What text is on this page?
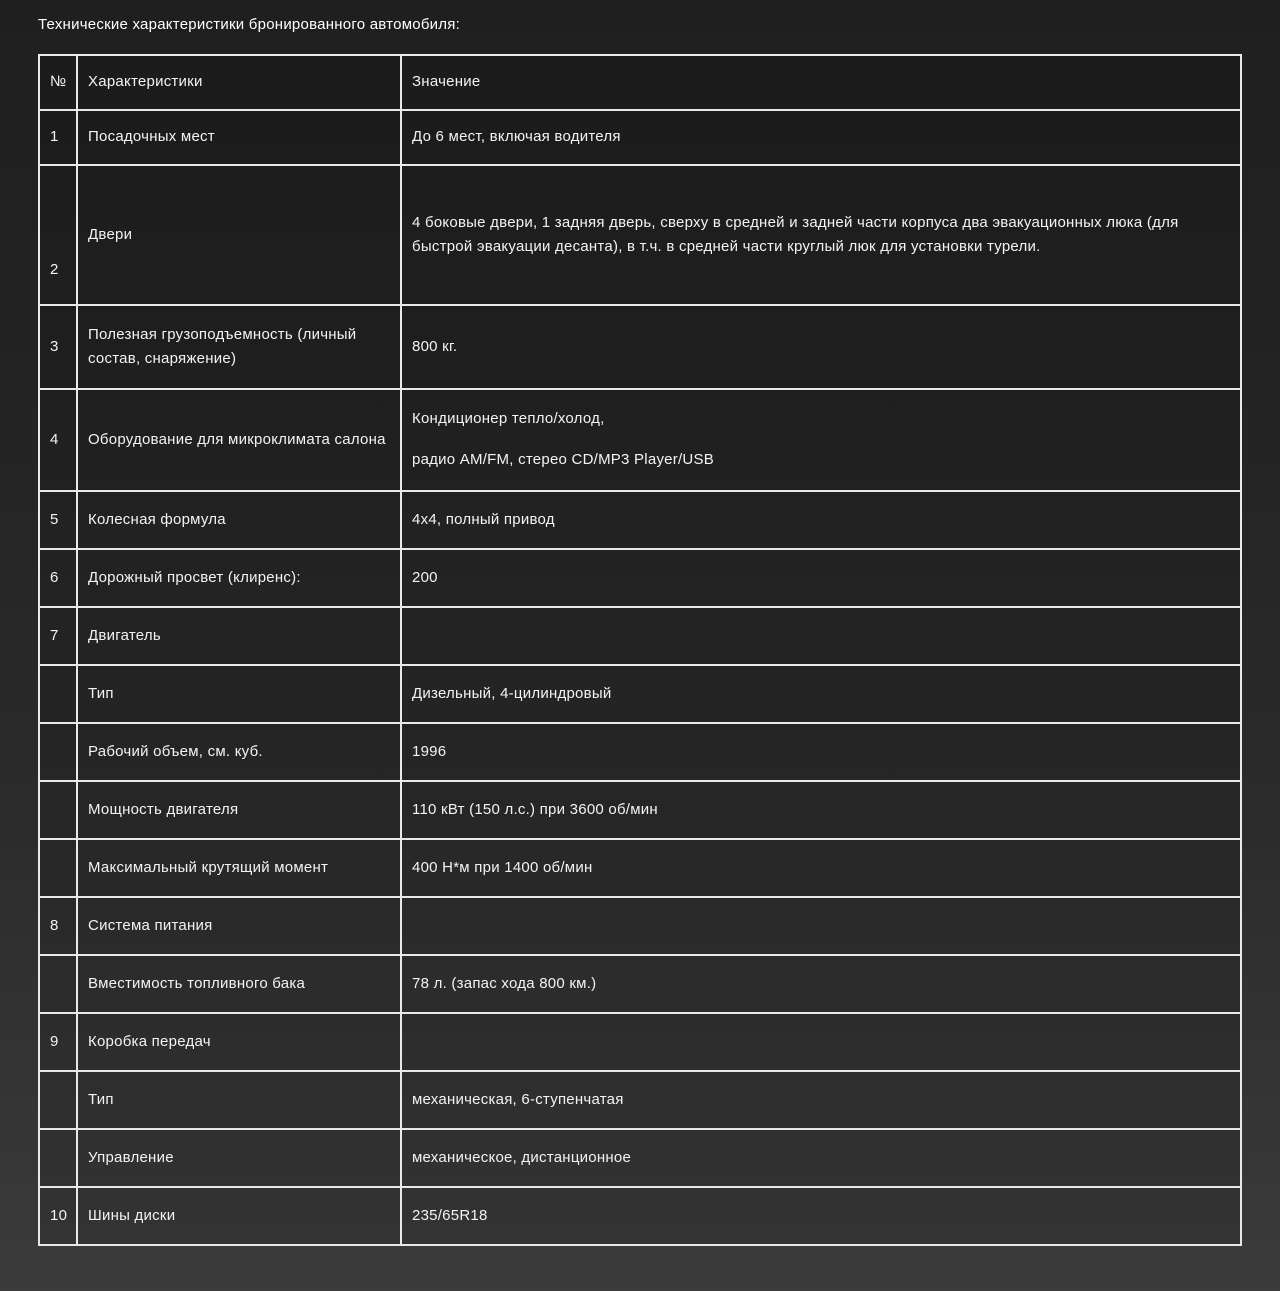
Технические характеристики бронированного автомобиля:
№	Характеристики	Значение
1	Посадочных мест	До 6 мест, включая водителя
2	Двери	4 боковые двери, 1 задняя дверь, сверху в средней и задней части корпуса два эвакуационных люка (для быстрой эвакуации десанта), в т.ч. в средней части круглый люк для установки турели.
3	Полезная грузоподъемность (личный состав, снаряжение)	800 кг.
4	Оборудование для микроклимата салона	Кондиционер тепло/холод,

радио AM/FM, стерео CD/MP3 Player/USB

5	Колесная формула	4х4, полный привод
6	Дорожный просвет (клиренс):	200
7	Двигатель	
	Тип	Дизельный, 4-цилиндровый
	Рабочий объем, см. куб.	1996
	Мощность двигателя	110 кВт (150 л.с.) при 3600 об/мин
	Максимальный крутящий момент	400 Н*м при 1400 об/мин
8	Система питания	
	Вместимость топливного бака	78 л. (запас хода 800 км.)
9	Коробка передач	
	Тип	механическая, 6-ступенчатая
	Управление	механическое, дистанционное
10	Шины диски	235/65R18
